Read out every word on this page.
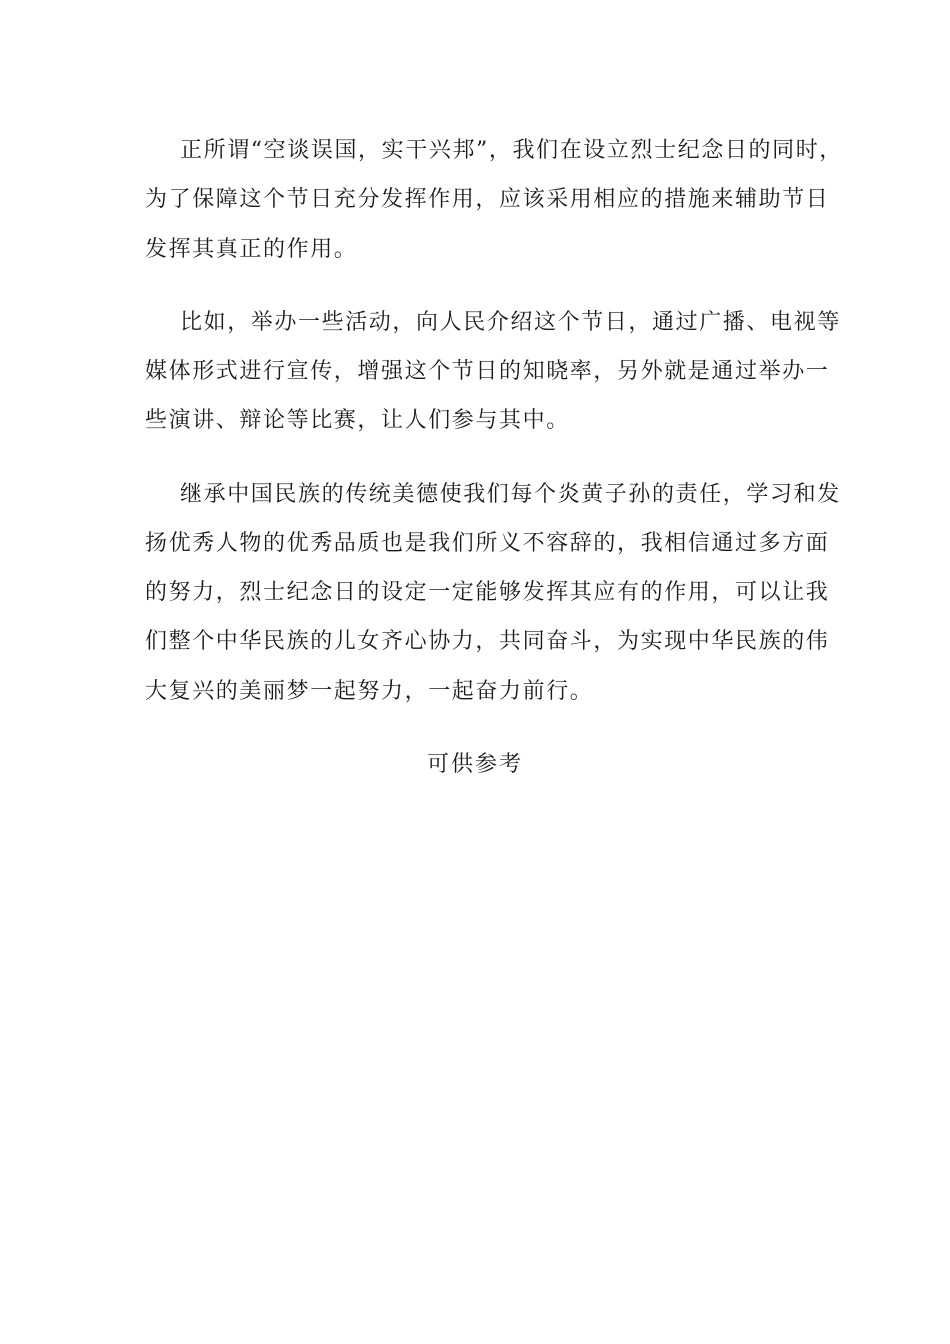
正所谓“空谈误国，实干兴邦”，我们在设立烈士纪念日的同时，
为了保障这个节日充分发挥作用，应该采用相应的措施来辅助节日
发挥其真正的作用。
比如，举办一些活动，向人民介绍这个节日，通过广播、电视等
媒体形式进行宣传，增强这个节日的知晓率，另外就是通过举办一
些演讲、辩论等比赛，让人们参与其中。
继承中国民族的传统美德使我们每个炎黄子孙的责任，学习和发
扬优秀人物的优秀品质也是我们所义不容辞的，我相信通过多方面
的努力，烈士纪念日的设定一定能够发挥其应有的作用，可以让我
们整个中华民族的儿女齐心协力，共同奋斗，为实现中华民族的伟
大复兴的美丽梦一起努力，一起奋力前行。
可供参考
